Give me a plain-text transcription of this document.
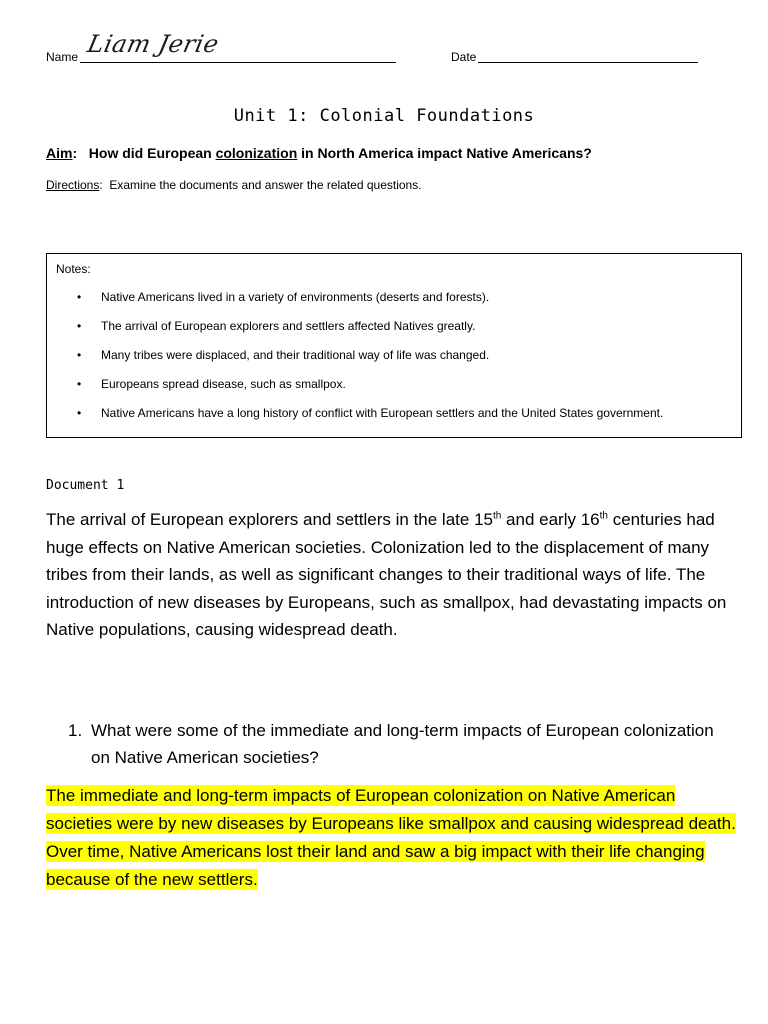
Name Liam Jerie	Date
Unit 1: Colonial Foundations
Aim:   How did European colonization in North America impact Native Americans?
Directions:  Examine the documents and answer the related questions.
Notes:
• Native Americans lived in a variety of environments (deserts and forests).
• The arrival of European explorers and settlers affected Natives greatly.
• Many tribes were displaced, and their traditional way of life was changed.
• Europeans spread disease, such as smallpox.
• Native Americans have a long history of conflict with European settlers and the United States government.
Document 1
The arrival of European explorers and settlers in the late 15th and early 16th centuries had huge effects on Native American societies. Colonization led to the displacement of many tribes from their lands, as well as significant changes to their traditional ways of life. The introduction of new diseases by Europeans, such as smallpox, had devastating impacts on Native populations, causing widespread death.
1. What were some of the immediate and long-term impacts of European colonization on Native American societies?
The immediate and long-term impacts of European colonization on Native American societies were by new diseases by Europeans like smallpox and causing widespread death. Over time, Native Americans lost their land and saw a big impact with their life changing because of the new settlers.
